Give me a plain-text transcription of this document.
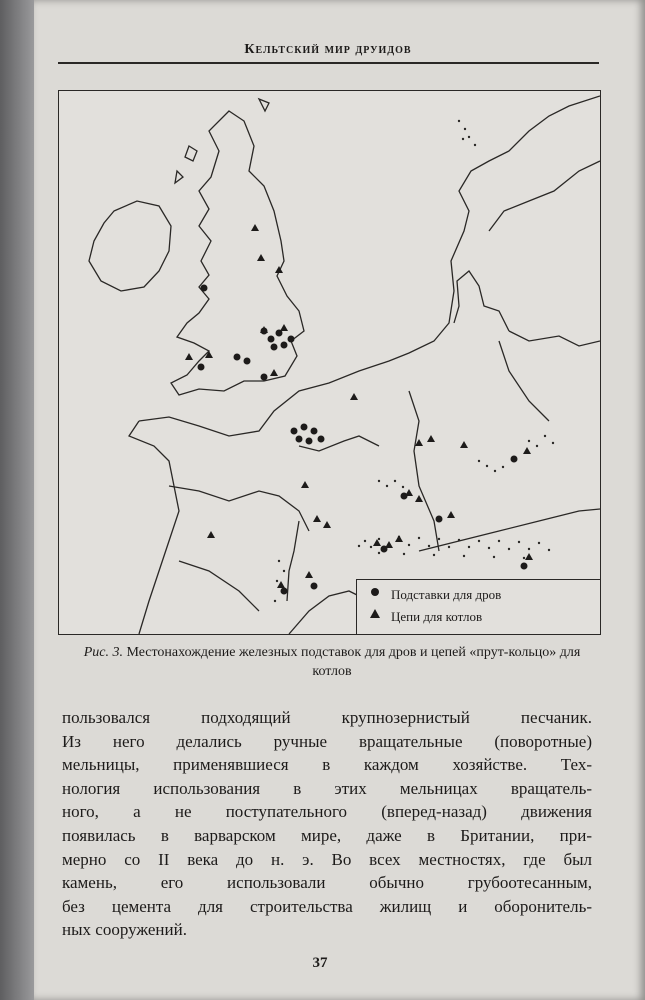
Кельтский мир друидов
Подставки для дров
Цепи для котлов
Рис. 3. Местонахождение железных подставок для дров и цепей «прут-кольцо» для котлов
пользовался подходящий крупнозернистый песчаник.
Из него делались ручные вращательные (поворотные)
мельницы, применявшиеся в каждом хозяйстве. Тех-
нология использования в этих мельницах вращатель-
ного, а не поступательного (вперед-назад) движения
появилась в варварском мире, даже в Британии, при-
мерно со II века до н. э. Во всех местностях, где был
камень, его использовали обычно грубоотесанным,
без цемента для строительства жилищ и оборонитель-
ных сооружений.
37
